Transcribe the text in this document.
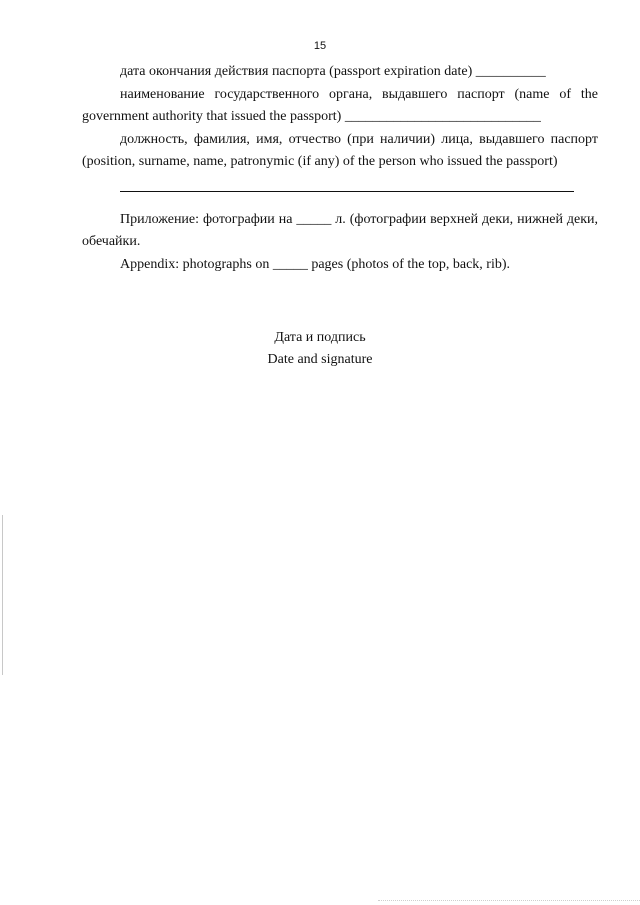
15

дата окончания действия паспорта (passport expiration date) __________

наименование государственного органа, выдавшего паспорт (name of the government authority that issued the passport) ____________________________

должность, фамилия, имя, отчество (при наличии) лица, выдавшего паспорт (position, surname, name, patronymic (if any) of the person who issued the passport)

Приложение: фотографии на _____ л. (фотографии верхней деки, нижней деки, обечайки.

Appendix: photographs on _____ pages (photos of the top, back, rib).

Дата и подпись
Date and signature
